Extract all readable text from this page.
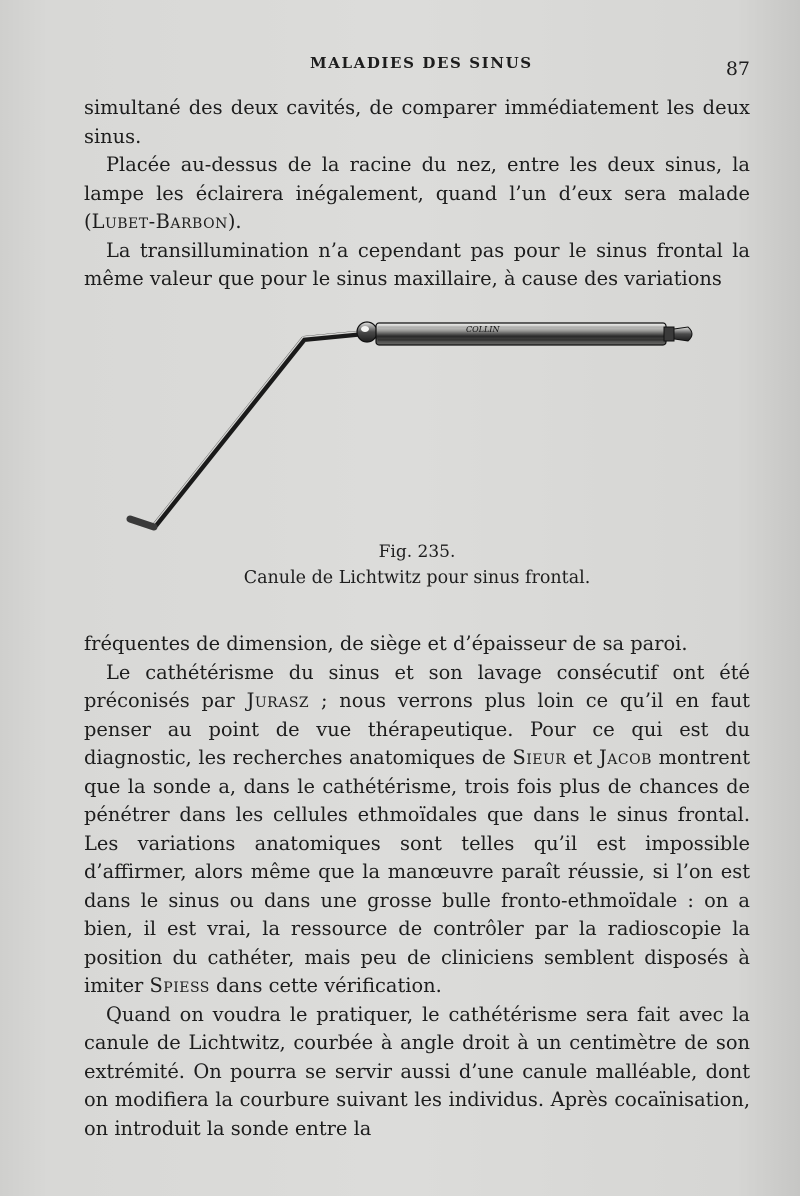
MALADIES DES SINUS	87

simultané des deux cavités, de comparer immédiatement les deux sinus.

Placée au-dessus de la racine du nez, entre les deux sinus, la lampe les éclairera inégalement, quand l’un d’eux sera malade (Lubet-Barbon).

La transillumination n’a cependant pas pour le sinus frontal la même valeur que pour le sinus maxillaire, à cause des variations

COLLIN
Fig. 235.
Canule de Lichtwitz pour sinus frontal.

fréquentes de dimension, de siège et d’épaisseur de sa paroi.

Le cathétérisme du sinus et son lavage consécutif ont été préconisés par Jurasz ; nous verrons plus loin ce qu’il en faut penser au point de vue thérapeutique. Pour ce qui est du diagnostic, les recherches anatomiques de Sieur et Jacob montrent que la sonde a, dans le cathétérisme, trois fois plus de chances de pénétrer dans les cellules ethmoïdales que dans le sinus frontal. Les variations anatomiques sont telles qu’il est impossible d’affirmer, alors même que la manœuvre paraît réussie, si l’on est dans le sinus ou dans une grosse bulle fronto-ethmoïdale : on a bien, il est vrai, la ressource de contrôler par la radioscopie la position du cathéter, mais peu de cliniciens semblent disposés à imiter Spiess dans cette vérification.

Quand on voudra le pratiquer, le cathétérisme sera fait avec la canule de Lichtwitz, courbée à angle droit à un centimètre de son extrémité. On pourra se servir aussi d’une canule malléable, dont on modifiera la courbure suivant les individus. Après cocaïnisation, on introduit la sonde entre la
